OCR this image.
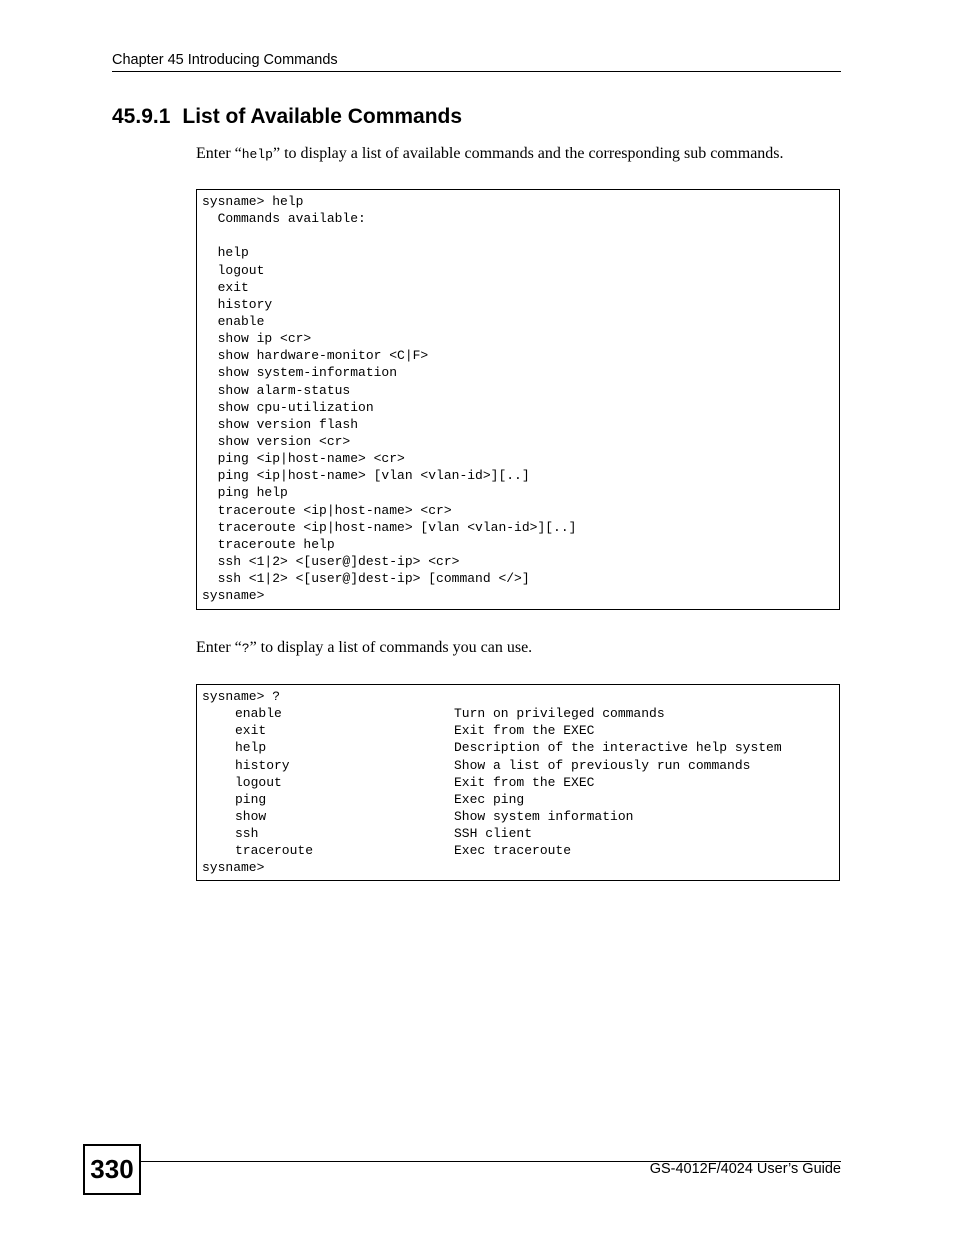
Chapter 45 Introducing Commands
45.9.1 List of Available Commands
Enter “help” to display a list of available commands and the corresponding sub commands.
sysname> help
Commands available:
help
logout
exit
history
enable
show ip <cr>
show hardware-monitor <C|F>
show system-information
show alarm-status
show cpu-utilization
show version flash
show version <cr>
ping <ip|host-name> <cr>
ping <ip|host-name> [vlan <vlan-id>][..]
ping help
traceroute <ip|host-name> <cr>
traceroute <ip|host-name> [vlan <vlan-id>][..]
traceroute help
ssh <1|2> <[user@]dest-ip> <cr>
ssh <1|2> <[user@]dest-ip> [command </>]
sysname>
Enter “?” to display a list of commands you can use.
sysname> ?
enable	Turn on privileged commands
exit	Exit from the EXEC
help	Description of the interactive help system
history	Show a list of previously run commands
logout	Exit from the EXEC
ping	Exec ping
show	Show system information
ssh	SSH client
traceroute	Exec traceroute
sysname>
330	GS-4012F/4024 User’s Guide
